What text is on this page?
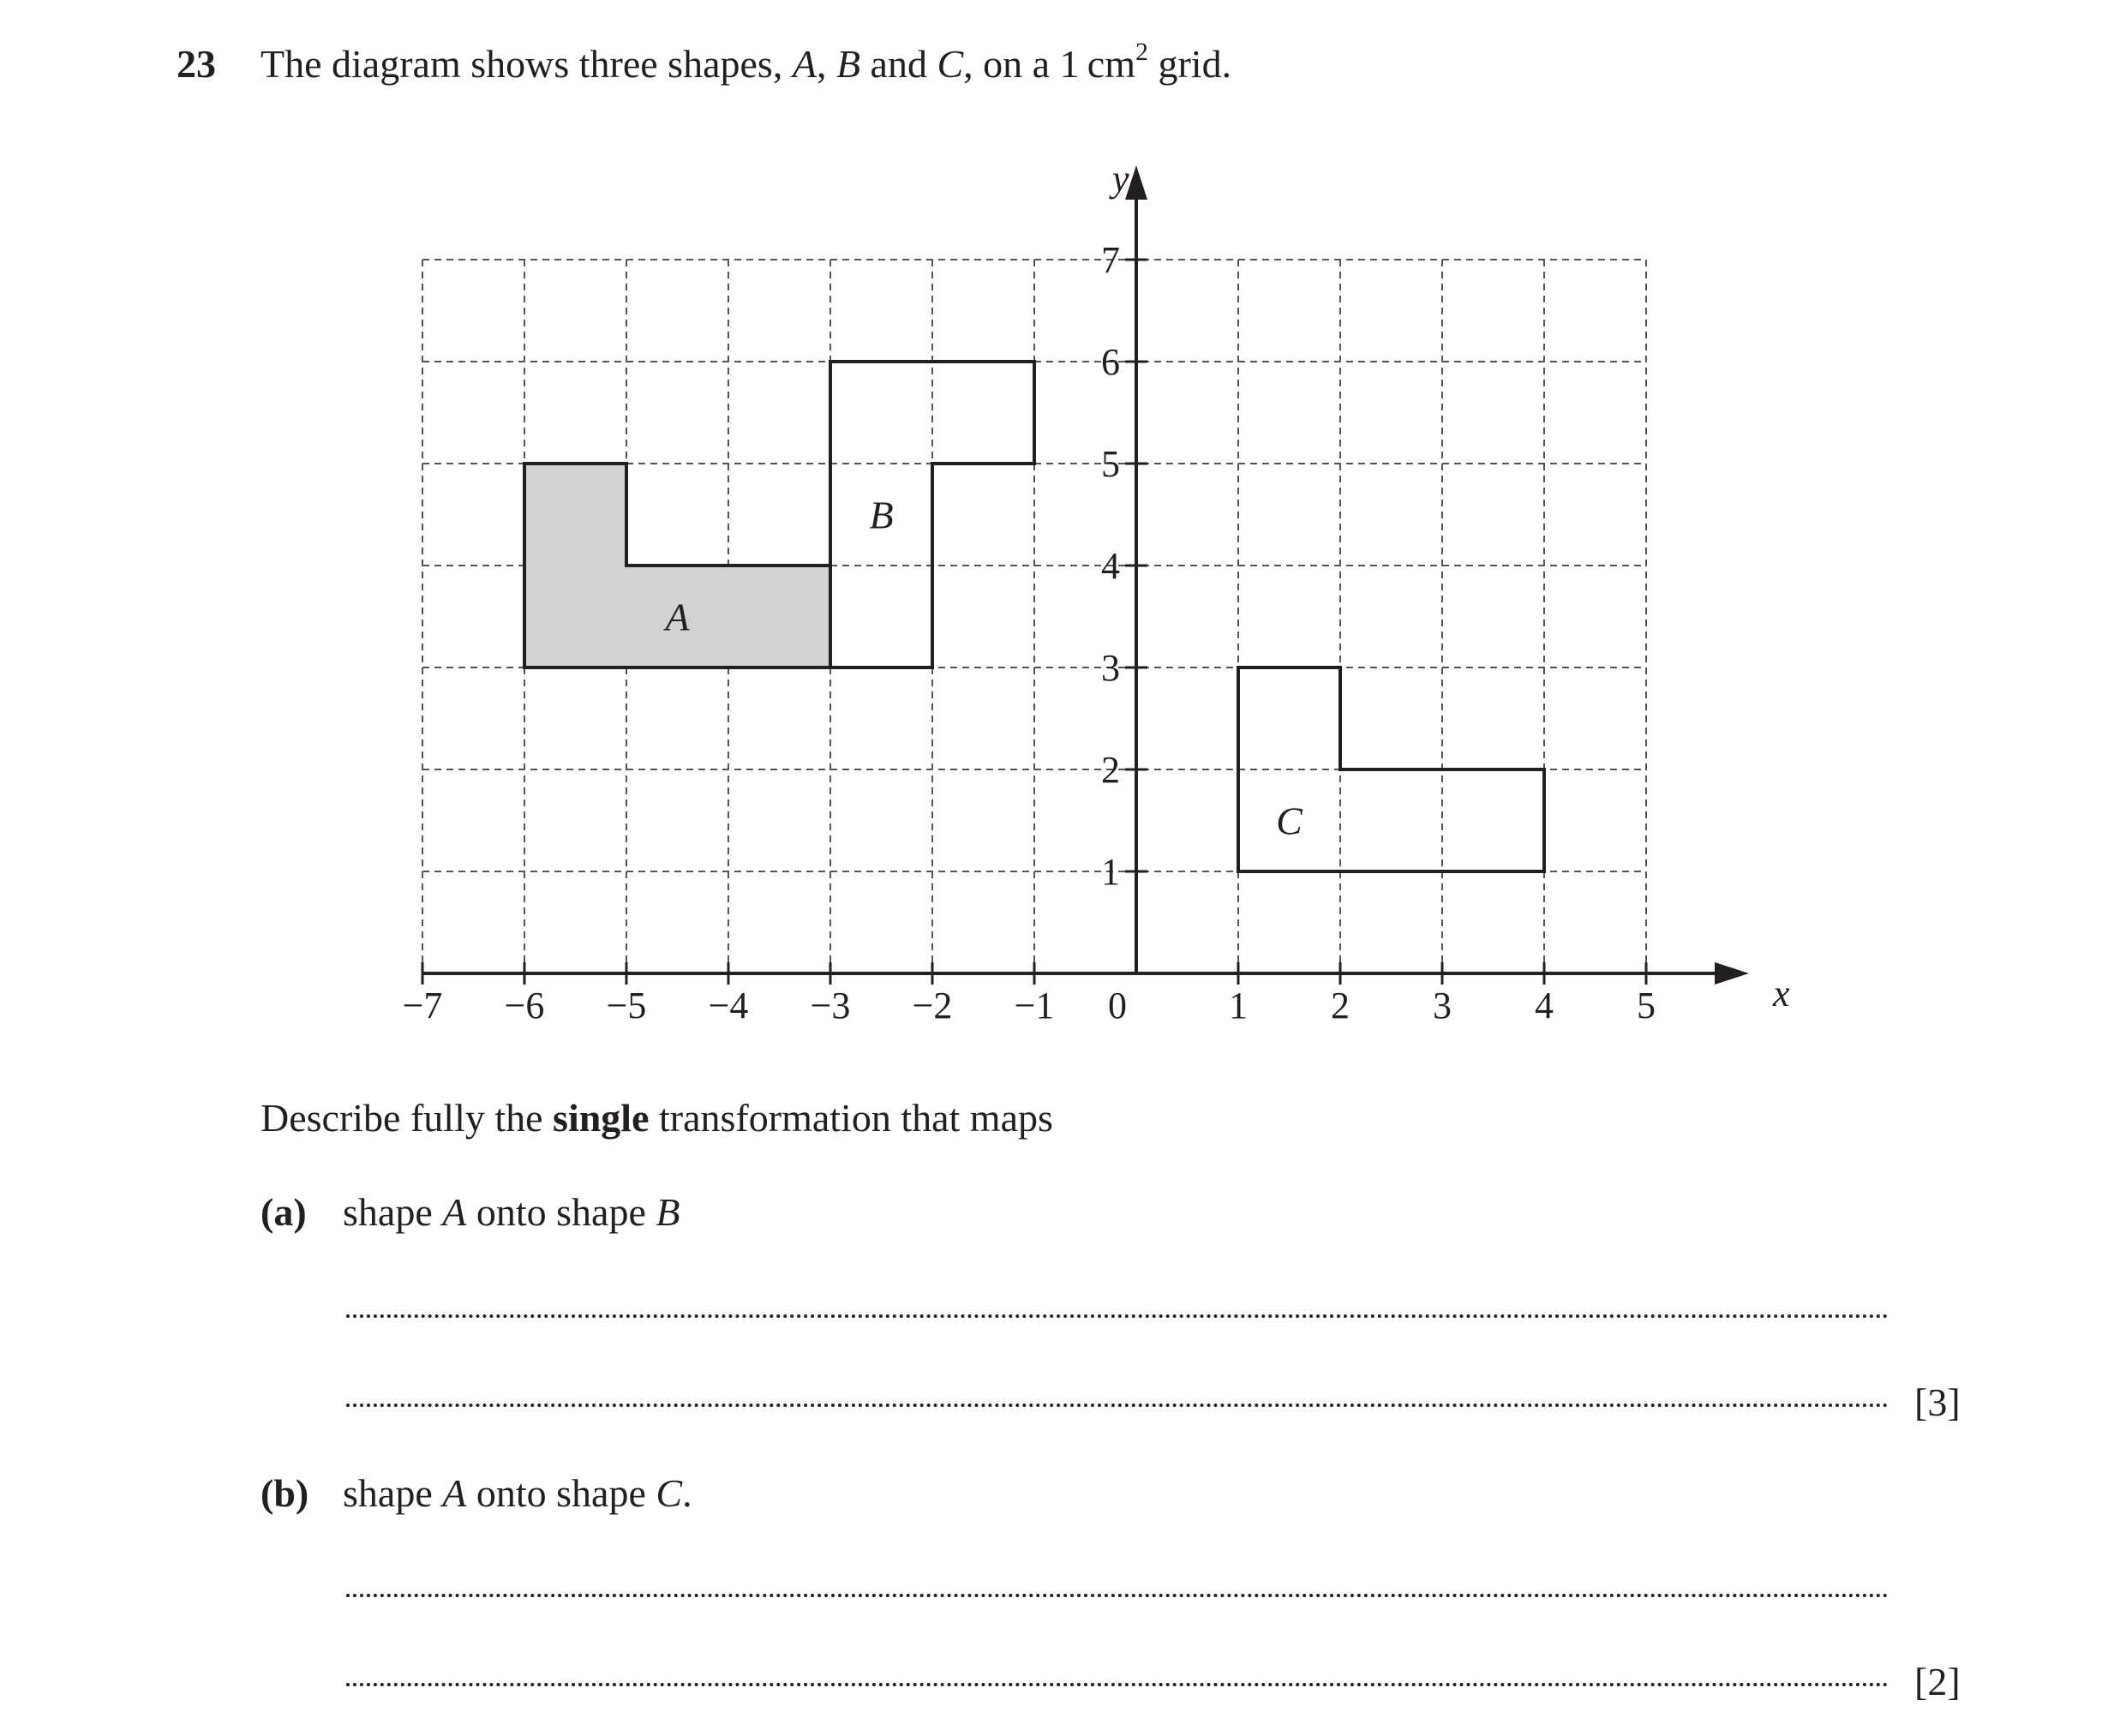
23 The diagram shows three shapes, A, B and C, on a 1 $cm^2$ grid.
A
B
C
x
y
−7 −6 −5 −4 −3 −2 −1 0	1 2 3 4 5
1
2
3
4
5
6
7
Describe fully the single transformation that maps
(a) shape A onto shape B
[3]
(b) shape A onto shape C.
[2]
